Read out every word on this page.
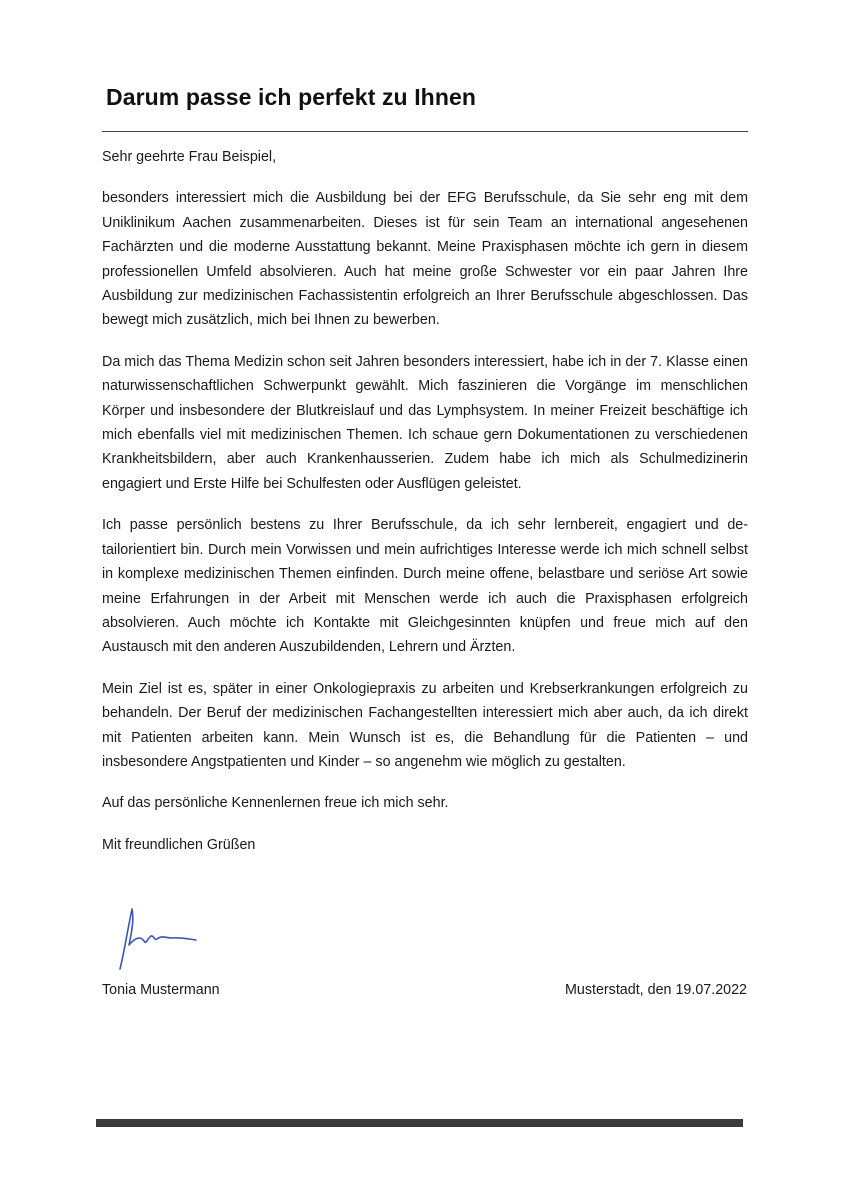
Darum passe ich perfekt zu Ihnen

Sehr geehrte Frau Beispiel,

besonders interessiert mich die Ausbildung bei der EFG Berufsschule, da Sie sehr eng mit dem Uniklinikum Aachen zusammenarbeiten. Dieses ist für sein Team an international angesehenen Fachärzten und die moderne Ausstattung bekannt. Meine Praxisphasen möchte ich gern in diesem professionellen Umfeld absolvieren. Auch hat meine große Schwester vor ein paar Jahren Ihre Ausbildung zur medizinischen Fachassistentin erfolgreich an Ihrer Berufsschule abgeschlossen. Das bewegt mich zusätzlich, mich bei Ihnen zu bewerben.

Da mich das Thema Medizin schon seit Jahren besonders interessiert, habe ich in der 7. Klasse einen naturwissenschaftlichen Schwerpunkt gewählt. Mich faszinieren die Vorgänge im menschlichen Körper und insbesondere der Blutkreislauf und das Lymphsystem. In meiner Freizeit beschäftige ich mich ebenfalls viel mit medizinischen Themen. Ich schaue gern Dokumentationen zu verschiedenen Krankheitsbildern, aber auch Krankenhausserien. Zudem habe ich mich als Schulmedizinerin engagiert und Erste Hilfe bei Schulfesten oder Ausflügen geleistet.

Ich passe persönlich bestens zu Ihrer Berufsschule, da ich sehr lernbereit, engagiert und detailorientiert bin. Durch mein Vorwissen und mein aufrichtiges Interesse werde ich mich schnell selbst in komplexe medizinischen Themen einfinden. Durch meine offene, belastbare und seriöse Art sowie meine Erfahrungen in der Arbeit mit Menschen werde ich auch die Praxisphasen erfolgreich absolvieren. Auch möchte ich Kontakte mit Gleichgesinnten knüpfen und freue mich auf den Austausch mit den anderen Auszubildenden, Lehrern und Ärzten.

Mein Ziel ist es, später in einer Onkologiepraxis zu arbeiten und Krebserkrankungen erfolgreich zu behandeln. Der Beruf der medizinischen Fachangestellten interessiert mich aber auch, da ich direkt mit Patienten arbeiten kann. Mein Wunsch ist es, die Behandlung für die Patienten – und insbesondere Angstpatienten und Kinder – so angenehm wie möglich zu gestalten.

Auf das persönliche Kennenlernen freue ich mich sehr.

Mit freundlichen Grüßen

Tonia Mustermann	Musterstadt, den 19.07.2022
